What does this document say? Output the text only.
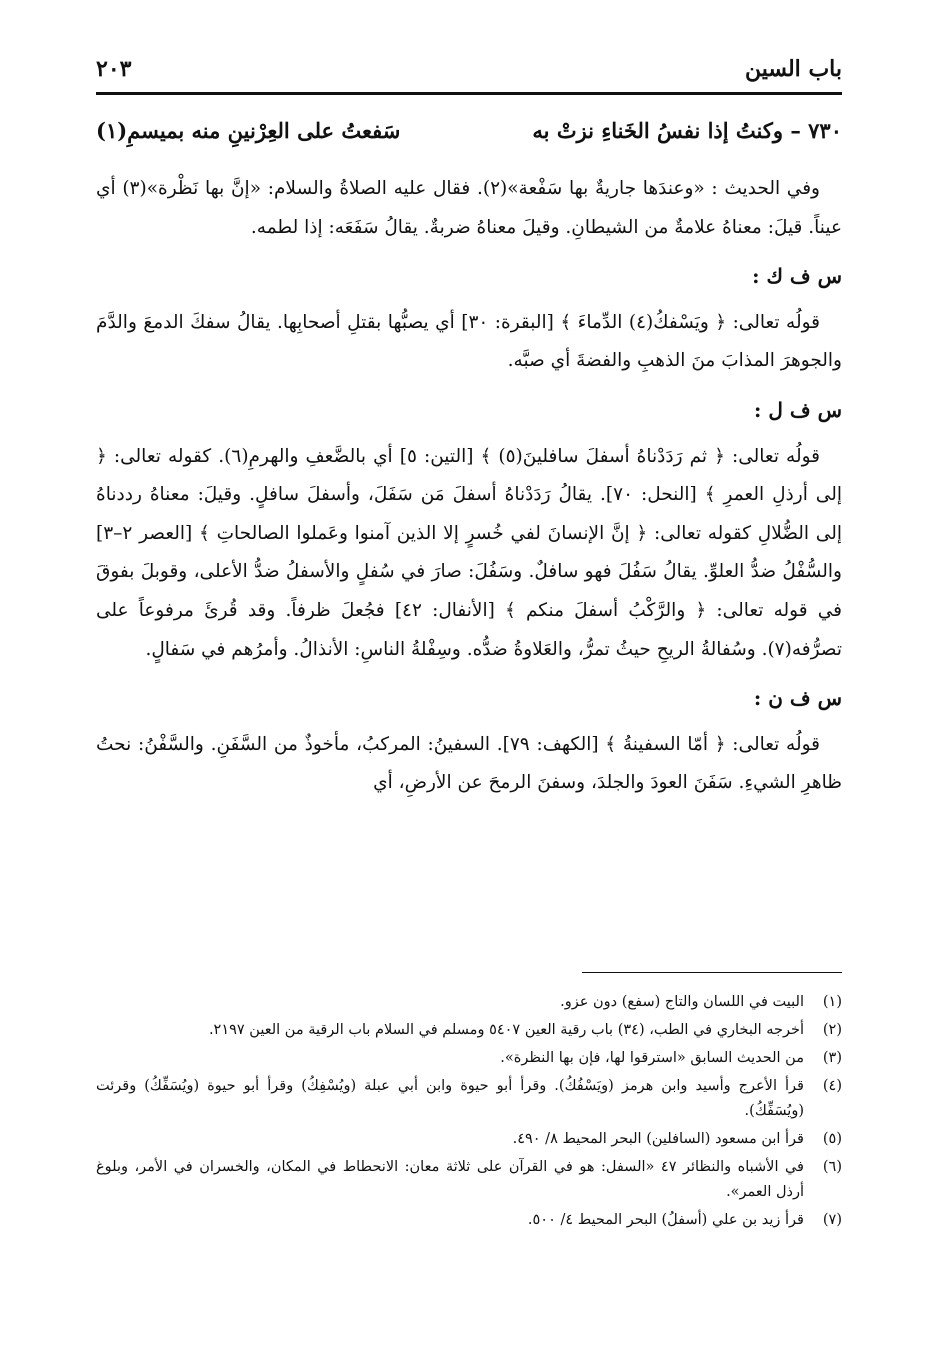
باب السين
٢٠٣
٧٣٠ – وكنتُ إذا نفسُ الخَناءِ نزتْ به
سَفعتُ على العِرْنينِ منه بميسمِ(١)

وفي الحديث : «وعندَها جاريةٌ بها سَفْعة»(٢). فقال عليه الصلاةُ والسلام: «إنَّ بها نَظْرة»(٣) أي عيناً. قيلَ: معناهُ علامةٌ من الشيطانِ. وقيلَ معناهُ ضربةٌ. يقالُ سَفَعَه: إذا لطمه.

س ف ك :

قولُه تعالى: ﴿ ويَسْفكُ(٤) الدِّماءَ ﴾ [البقرة: ٣٠] أي يصبُّها بقتلِ أصحابِها. يقالُ سفكَ الدمعَ والدَّمَ والجوهرَ المذابَ منَ الذهبِ والفضةَ أي صبَّه.

س ف ل :

قولُه تعالى: ﴿ ثم رَدَدْناهُ أسفلَ سافلينَ(٥) ﴾ [التين: ٥] أي بالضَّعفِ والهرمِ(٦). كقوله تعالى: ﴿ إلى أرذلِ العمرِ ﴾ [النحل: ٧٠]. يقالُ رَدَدْناهُ أسفلَ مَن سَفَلَ، وأسفلَ سافلٍ. وقيلَ: معناهُ رددناهُ إلى الضُّلالِ كقوله تعالى: ﴿ إنَّ الإنسانَ لفي خُسرٍ إلا الذين آمنوا وعَملوا الصالحاتِ ﴾ [العصر ٢–٣] والسُّفْلُ ضدُّ العلوِّ. يقالُ سَفُلَ فهو سافلٌ. وسَفُلَ: صارَ في سُفلٍ والأسفلُ ضدُّ الأعلى، وقوبلَ بفوقَ في قوله تعالى: ﴿ والرَّكْبُ أسفلَ منكم ﴾ [الأنفال: ٤٢] فجُعلَ ظرفاً. وقد قُرئَ مرفوعاً على تصرُّفه(٧). وسُفالةُ الريحِ حيثُ تمرُّ، والعَلاوةُ ضدُّه. وسِفْلةُ الناسِ: الأنذالُ. وأمرُهم في سَفالٍ.

س ف ن :

قولُه تعالى: ﴿ أمّا السفينةُ ﴾ [الكهف: ٧٩]. السفينُ: المركبُ، مأخوذٌ من السَّفَنِ. والسَّفْنُ: نحتُ ظاهرِ الشيءِ. سَفَنَ العودَ والجلدَ، وسفنَ الرمحَ عن الأرضِ، أي

(١)
البيت في اللسان والتاج (سفع) دون عزو.
(٢)
أخرجه البخاري في الطب، (٣٤) باب رقية العين ٥٤٠٧ ومسلم في السلام باب الرقية من العين ٢١٩٧.
(٣)
من الحديث السابق «استرقوا لها، فإن بها النظرة».
(٤)
قرأ الأعرج وأسيد وابن هرمز (ويَسْفُكُ). وقرأ أبو حيوة وابن أبي عبلة (ويُسْفِكُ) وقرأ أبو حيوة (ويُسَفِّكُ) وقرئت (ويُسَفِّكُ).
(٥)
قرأ ابن مسعود (السافلين) البحر المحيط ٨/ ٤٩٠.
(٦)
في الأشباه والنظائر ٤٧ «السفل: هو في القرآن على ثلاثة معان: الانحطاط في المكان، والخسران في الأمر، وبلوغ أرذل العمر».
(٧)
قرأ زيد بن علي (أسفلُ) البحر المحيط ٤/ ٥٠٠.
